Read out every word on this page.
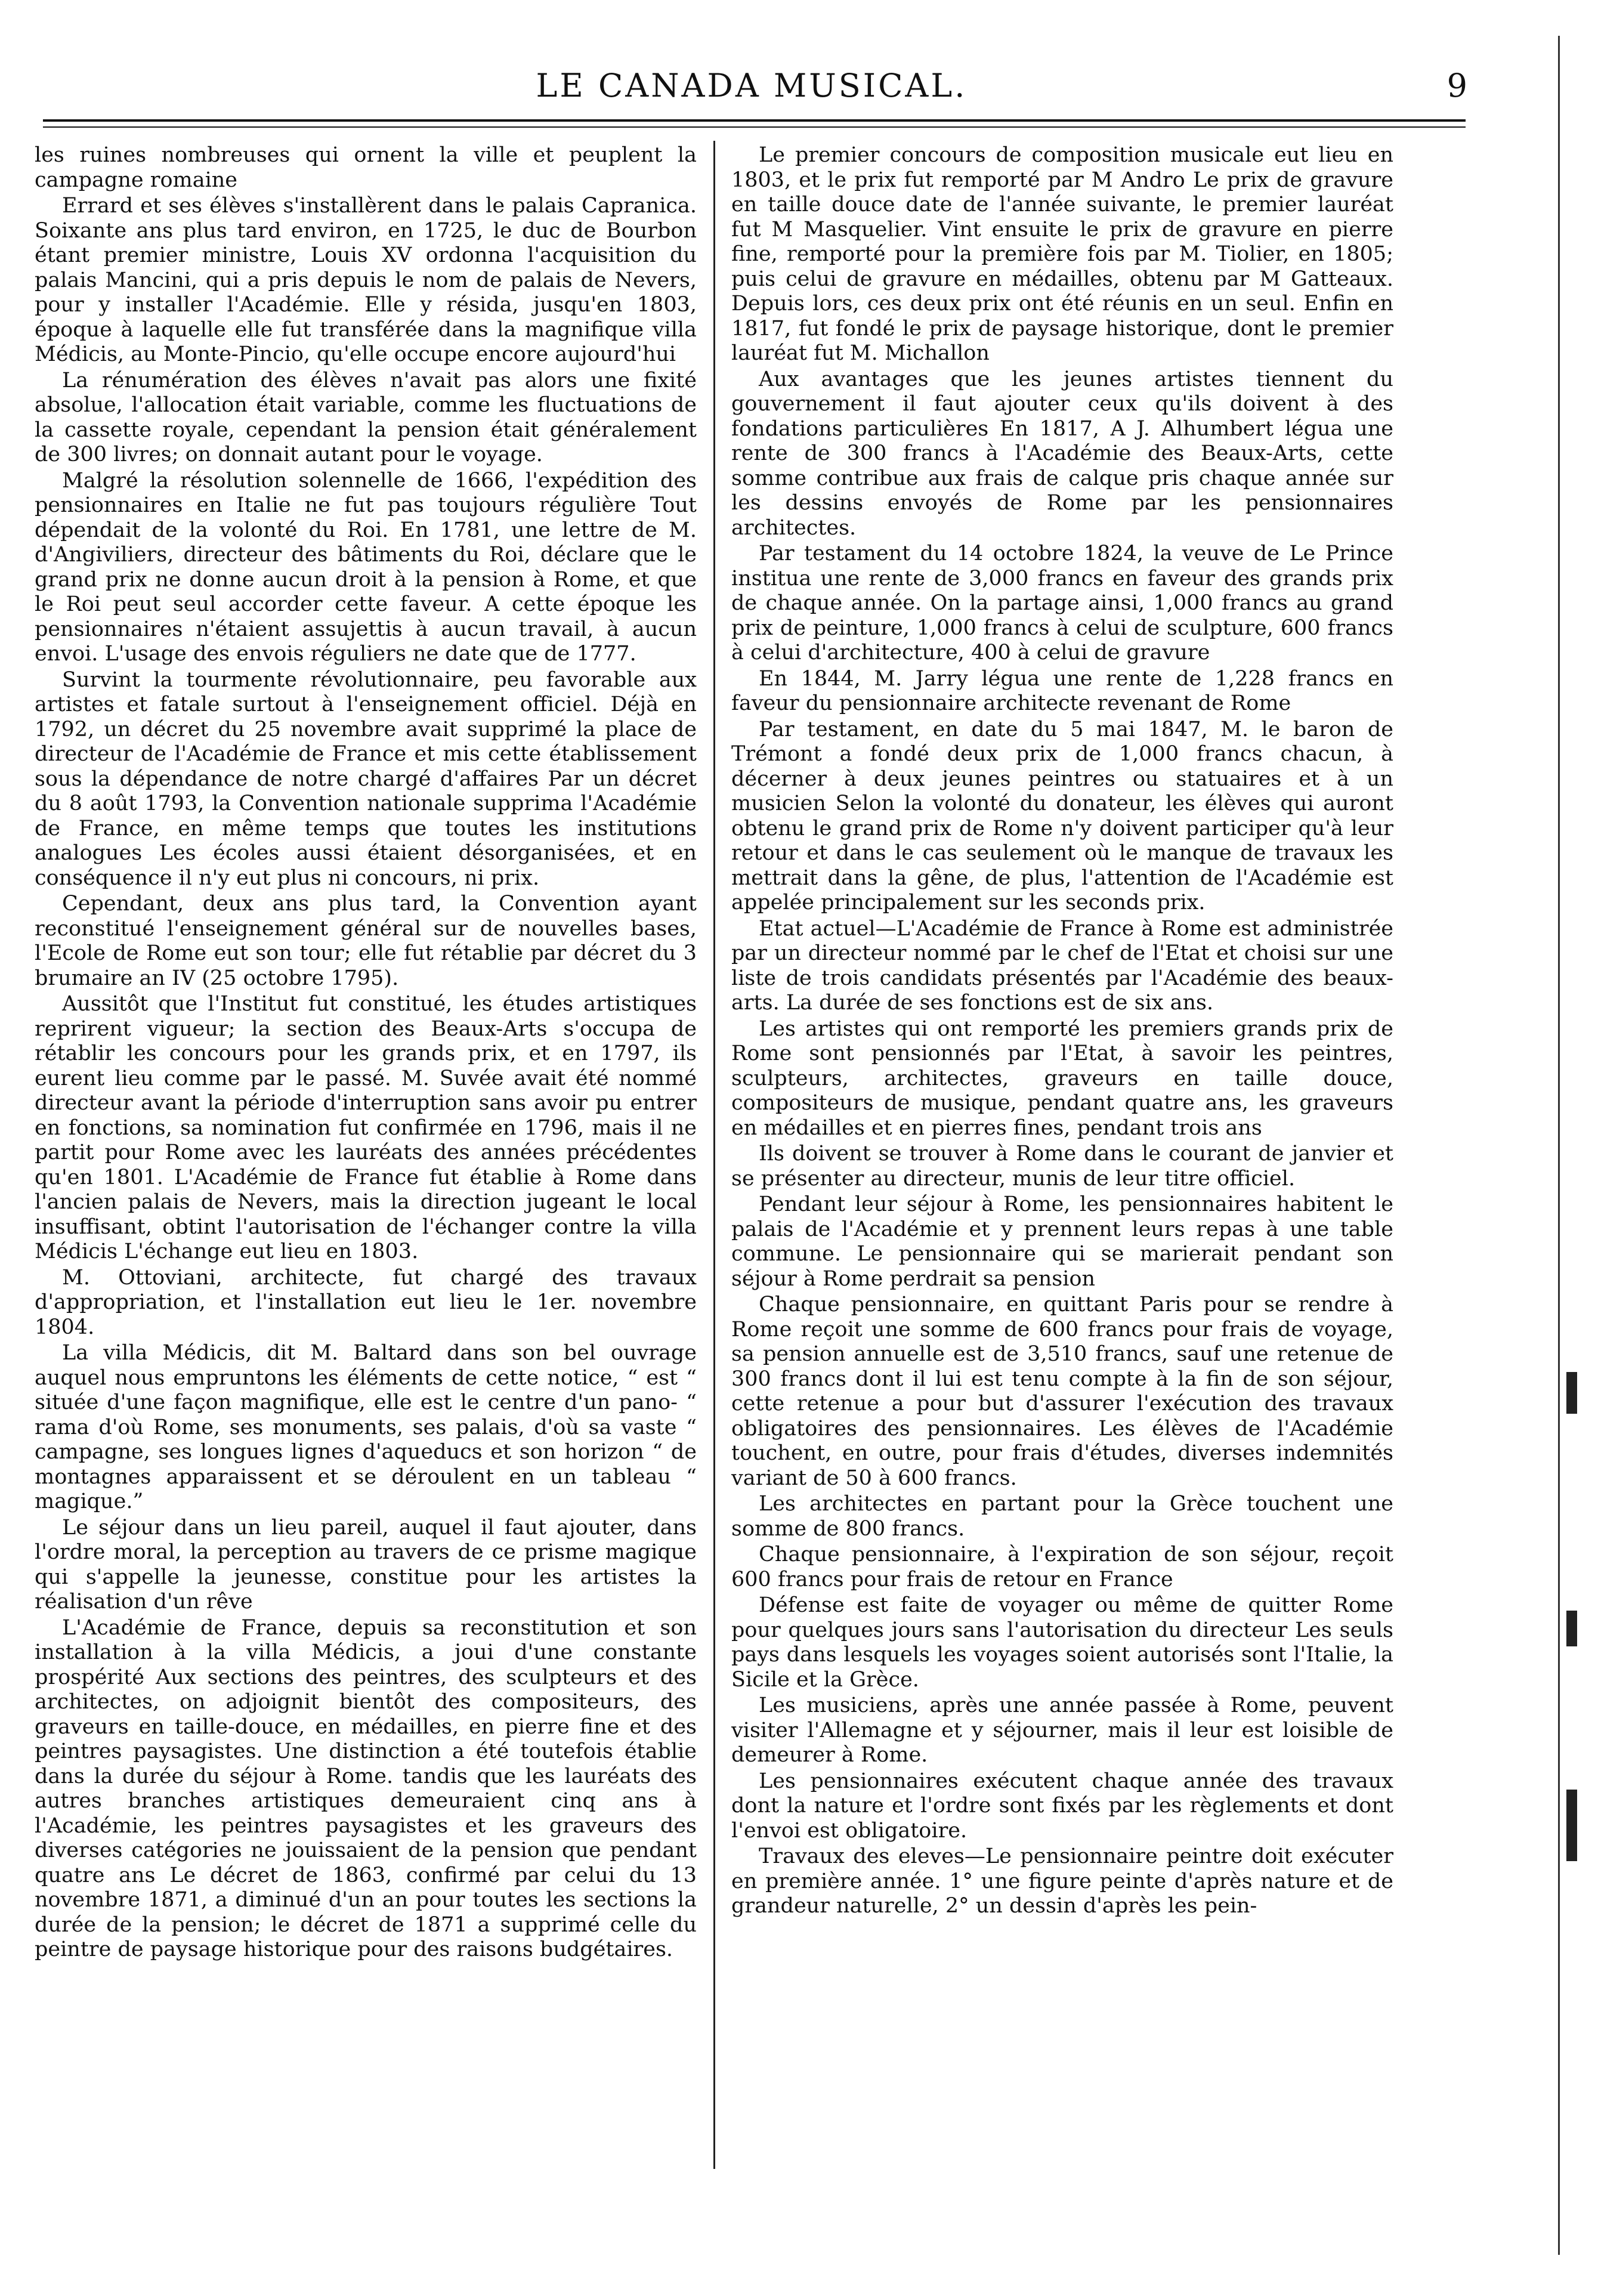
LE CANADA MUSICAL.	9

les ruines nombreuses qui ornent la ville et peuplent la campagne romaine

Errard et ses élèves s'installèrent dans le palais Capranica. Soixante ans plus tard environ, en 1725, le duc de Bourbon étant premier ministre, Louis XV ordonna l'acquisition du palais Mancini, qui a pris depuis le nom de palais de Nevers, pour y installer l'Académie. Elle y résida, jusqu'en 1803, époque à laquelle elle fut transférée dans la magnifique villa Médicis, au Monte-Pincio, qu'elle occupe encore aujourd'hui

La rénumération des élèves n'avait pas alors une fixité absolue, l'allocation était variable, comme les fluctuations de la cassette royale, cependant la pension était généralement de 300 livres; on donnait autant pour le voyage.

Malgré la résolution solennelle de 1666, l'expédition des pensionnaires en Italie ne fut pas toujours régulière Tout dépendait de la volonté du Roi. En 1781, une lettre de M. d'Angiviliers, directeur des bâtiments du Roi, déclare que le grand prix ne donne aucun droit à la pension à Rome, et que le Roi peut seul accorder cette faveur. A cette époque les pensionnaires n'étaient assujettis à aucun travail, à aucun envoi. L'usage des envois réguliers ne date que de 1777.

Survint la tourmente révolutionnaire, peu favorable aux artistes et fatale surtout à l'enseignement officiel. Déjà en 1792, un décret du 25 novembre avait supprimé la place de directeur de l'Académie de France et mis cette établissement sous la dépendance de notre chargé d'affaires Par un décret du 8 août 1793, la Convention nationale supprima l'Académie de France, en même temps que toutes les institutions analogues Les écoles aussi étaient désorganisées, et en conséquence il n'y eut plus ni concours, ni prix.

Cependant, deux ans plus tard, la Convention ayant reconstitué l'enseignement général sur de nouvelles bases, l'Ecole de Rome eut son tour; elle fut rétablie par décret du 3 brumaire an IV (25 octobre 1795).

Aussitôt que l'Institut fut constitué, les études artistiques reprirent vigueur; la section des Beaux-Arts s'occupa de rétablir les concours pour les grands prix, et en 1797, ils eurent lieu comme par le passé. M. Suvée avait été nommé directeur avant la période d'interruption sans avoir pu entrer en fonctions, sa nomination fut confirmée en 1796, mais il ne partit pour Rome avec les lauréats des années précédentes qu'en 1801. L'Académie de France fut établie à Rome dans l'ancien palais de Nevers, mais la direction jugeant le local insuffisant, obtint l'autorisation de l'échanger contre la villa Médicis L'échange eut lieu en 1803.

M. Ottoviani, architecte, fut chargé des travaux d'appropriation, et l'installation eut lieu le 1er. novembre 1804.

La villa Médicis, dit M. Baltard dans son bel ouvrage auquel nous empruntons les éléments de cette notice, “ est “ située d'une façon magnifique, elle est le centre d'un pano- “ rama d'où Rome, ses monuments, ses palais, d'où sa vaste “ campagne, ses longues lignes d'aqueducs et son horizon “ de montagnes apparaissent et se déroulent en un tableau “ magique.”

Le séjour dans un lieu pareil, auquel il faut ajouter, dans l'ordre moral, la perception au travers de ce prisme magique qui s'appelle la jeunesse, constitue pour les artistes la réalisation d'un rêve

L'Académie de France, depuis sa reconstitution et son installation à la villa Médicis, a joui d'une constante prospérité Aux sections des peintres, des sculpteurs et des architectes, on adjoignit bientôt des compositeurs, des graveurs en taille-douce, en médailles, en pierre fine et des peintres paysagistes. Une distinction a été toutefois établie dans la durée du séjour à Rome. tandis que les lauréats des autres branches artistiques demeuraient cinq ans à l'Académie, les peintres paysagistes et les graveurs des diverses catégories ne jouissaient de la pension que pendant quatre ans Le décret de 1863, confirmé par celui du 13 novembre 1871, a diminué d'un an pour toutes les sections la durée de la pension; le décret de 1871 a supprimé celle du peintre de paysage historique pour des raisons budgétaires.

Le premier concours de composition musicale eut lieu en 1803, et le prix fut remporté par M Andro Le prix de gravure en taille douce date de l'année suivante, le premier lauréat fut M Masquelier. Vint ensuite le prix de gravure en pierre fine, remporté pour la première fois par M. Tiolier, en 1805; puis celui de gravure en médailles, obtenu par M Gatteaux. Depuis lors, ces deux prix ont été réunis en un seul. Enfin en 1817, fut fondé le prix de paysage historique, dont le premier lauréat fut M. Michallon

Aux avantages que les jeunes artistes tiennent du gouvernement il faut ajouter ceux qu'ils doivent à des fondations particulières En 1817, A J. Alhumbert légua une rente de 300 francs à l'Académie des Beaux-Arts, cette somme contribue aux frais de calque pris chaque année sur les dessins envoyés de Rome par les pensionnaires architectes.

Par testament du 14 octobre 1824, la veuve de Le Prince institua une rente de 3,000 francs en faveur des grands prix de chaque année. On la partage ainsi, 1,000 francs au grand prix de peinture, 1,000 francs à celui de sculpture, 600 francs à celui d'architecture, 400 à celui de gravure

En 1844, M. Jarry légua une rente de 1,228 francs en faveur du pensionnaire architecte revenant de Rome

Par testament, en date du 5 mai 1847, M. le baron de Trémont a fondé deux prix de 1,000 francs chacun, à décerner à deux jeunes peintres ou statuaires et à un musicien Selon la volonté du donateur, les élèves qui auront obtenu le grand prix de Rome n'y doivent participer qu'à leur retour et dans le cas seulement où le manque de travaux les mettrait dans la gêne, de plus, l'attention de l'Académie est appelée principalement sur les seconds prix.

Etat actuel—L'Académie de France à Rome est administrée par un directeur nommé par le chef de l'Etat et choisi sur une liste de trois candidats présentés par l'Académie des beaux-arts. La durée de ses fonctions est de six ans.

Les artistes qui ont remporté les premiers grands prix de Rome sont pensionnés par l'Etat, à savoir les peintres, sculpteurs, architectes, graveurs en taille douce, compositeurs de musique, pendant quatre ans, les graveurs en médailles et en pierres fines, pendant trois ans

Ils doivent se trouver à Rome dans le courant de janvier et se présenter au directeur, munis de leur titre officiel.

Pendant leur séjour à Rome, les pensionnaires habitent le palais de l'Académie et y prennent leurs repas à une table commune. Le pensionnaire qui se marierait pendant son séjour à Rome perdrait sa pension

Chaque pensionnaire, en quittant Paris pour se rendre à Rome reçoit une somme de 600 francs pour frais de voyage, sa pension annuelle est de 3,510 francs, sauf une retenue de 300 francs dont il lui est tenu compte à la fin de son séjour, cette retenue a pour but d'assurer l'exécution des travaux obligatoires des pensionnaires. Les élèves de l'Académie touchent, en outre, pour frais d'études, diverses indemnités variant de 50 à 600 francs.

Les architectes en partant pour la Grèce touchent une somme de 800 francs.

Chaque pensionnaire, à l'expiration de son séjour, reçoit 600 francs pour frais de retour en France

Défense est faite de voyager ou même de quitter Rome pour quelques jours sans l'autorisation du directeur Les seuls pays dans lesquels les voyages soient autorisés sont l'Italie, la Sicile et la Grèce.

Les musiciens, après une année passée à Rome, peuvent visiter l'Allemagne et y séjourner, mais il leur est loisible de demeurer à Rome.

Les pensionnaires exécutent chaque année des travaux dont la nature et l'ordre sont fixés par les règlements et dont l'envoi est obligatoire.

Travaux des eleves—Le pensionnaire peintre doit exécuter en première année. 1° une figure peinte d'après nature et de grandeur naturelle, 2° un dessin d'après les pein-
